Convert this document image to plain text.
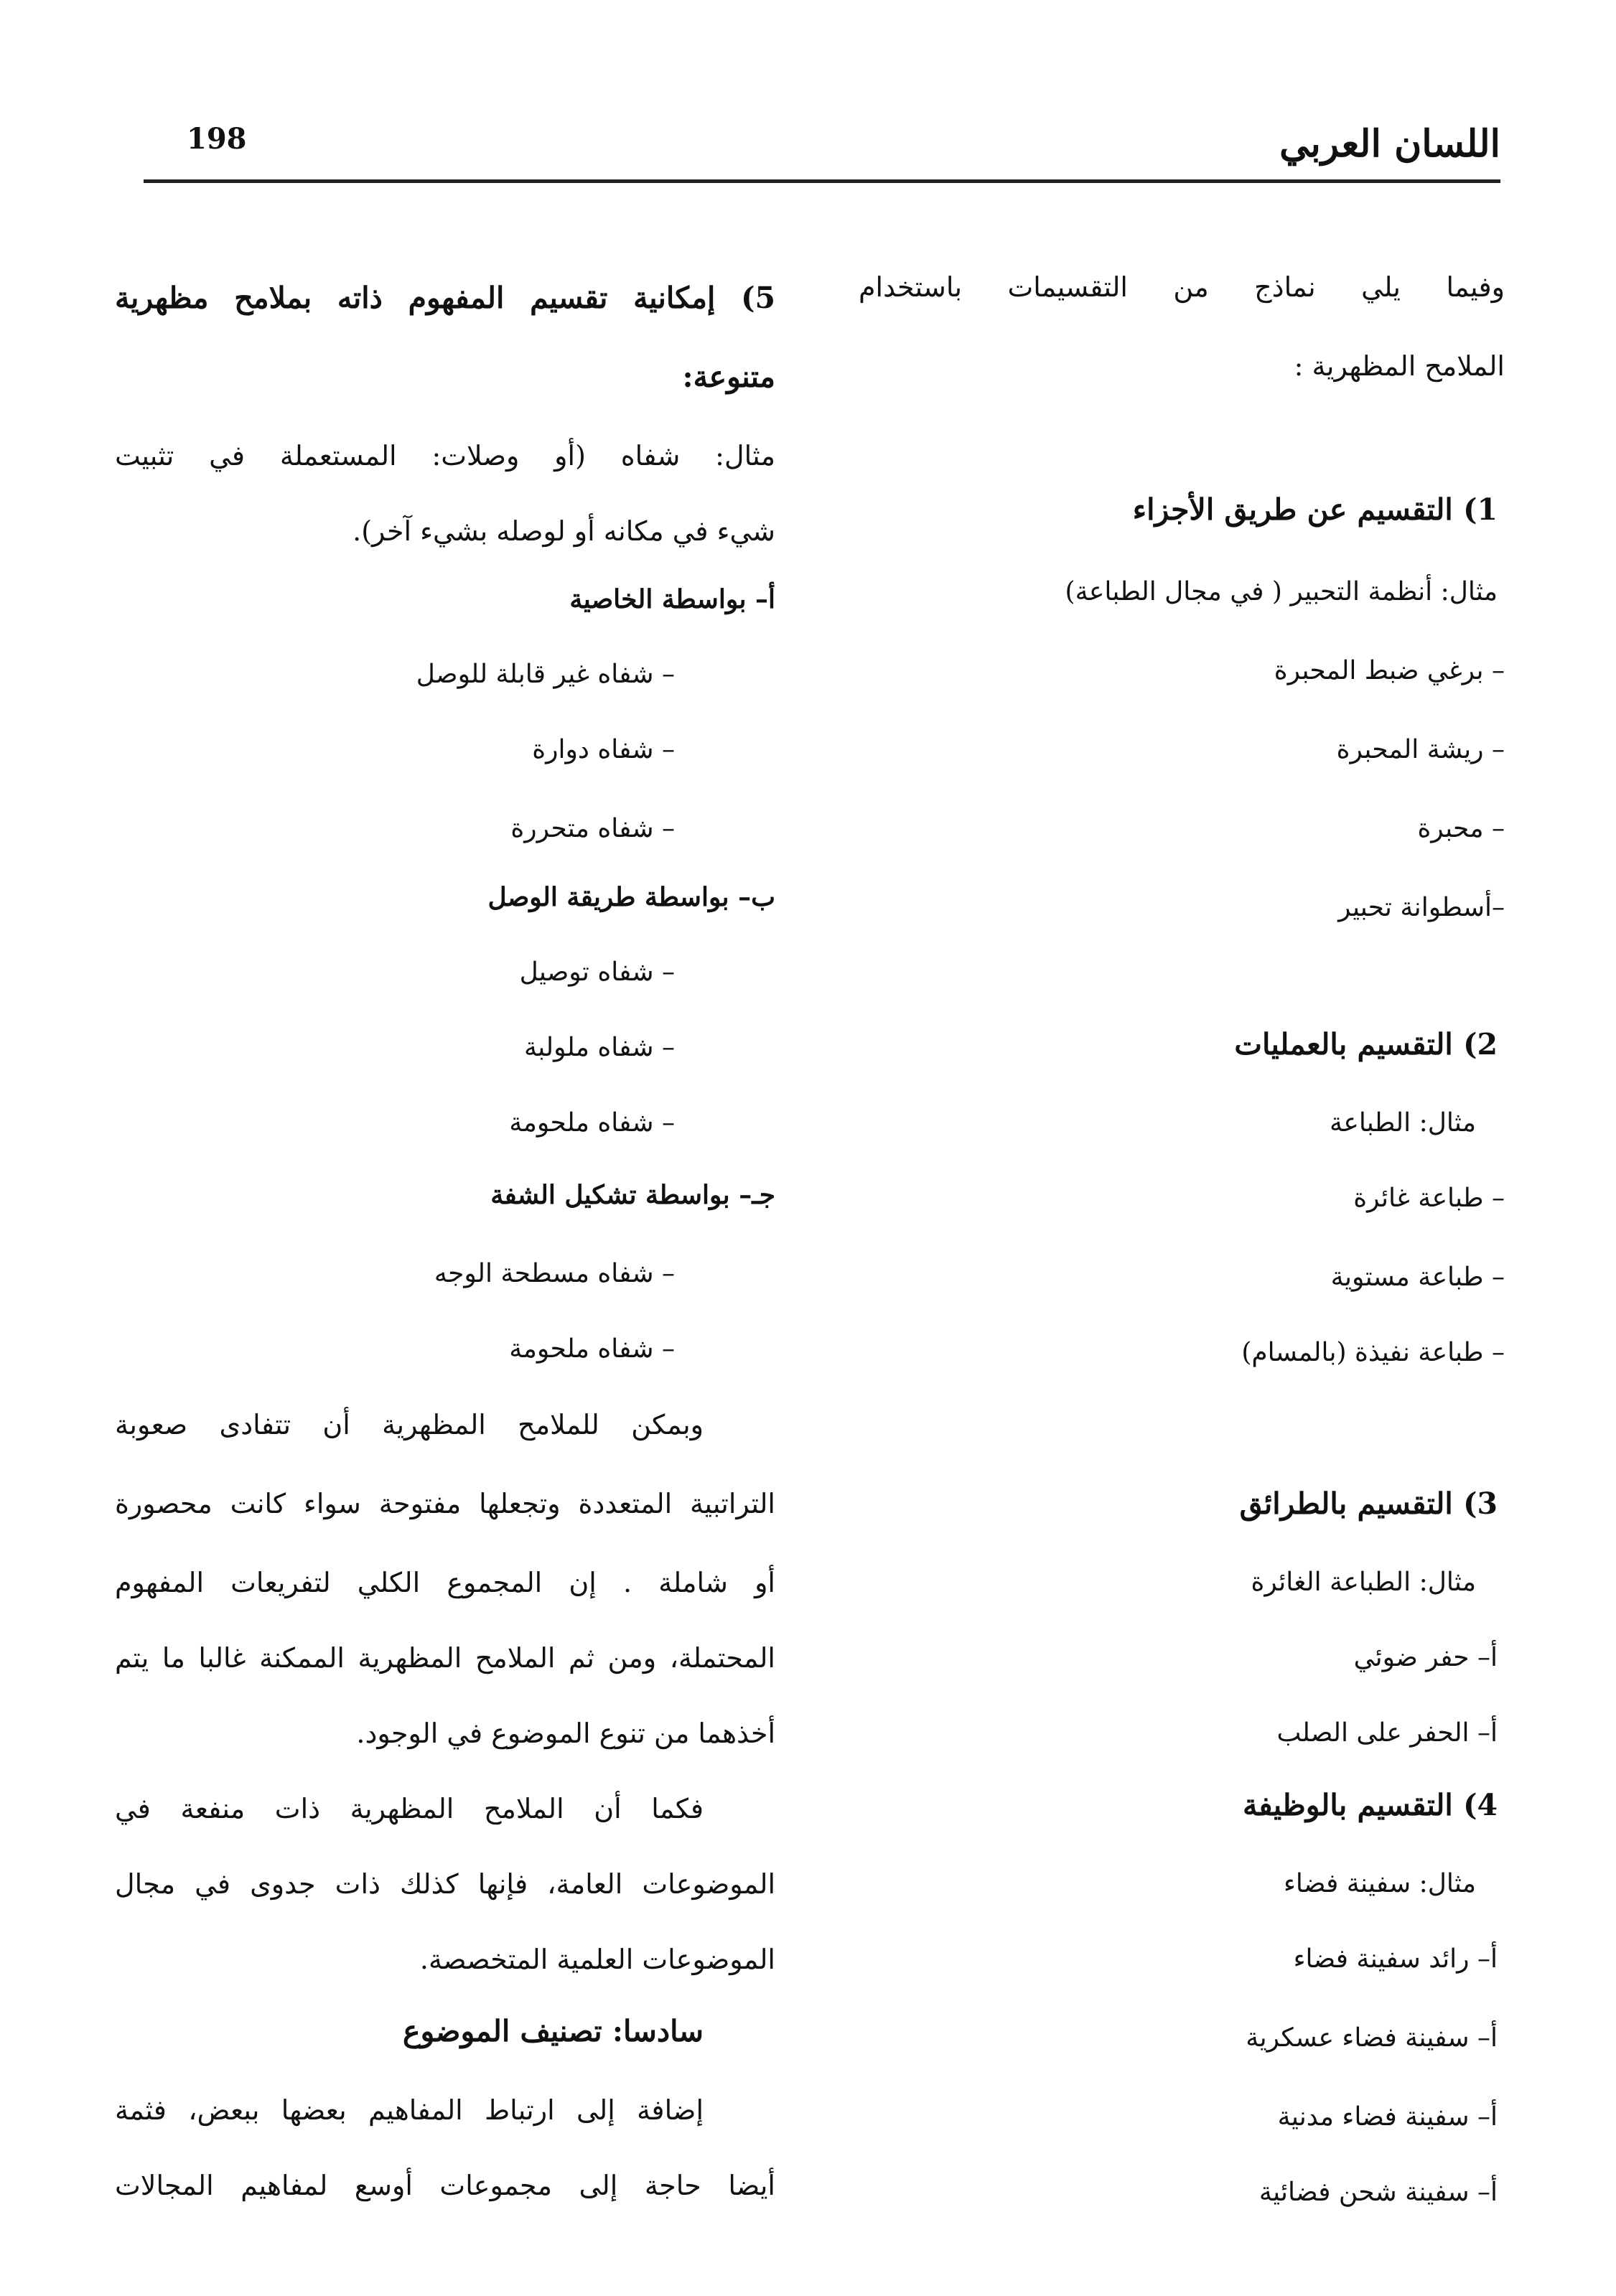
اللسان العربي
198
وفيما يلي نماذج من التقسيمات باستخدام
الملامح المظهرية :
1) التقسيم عن طريق الأجزاء
مثال: أنظمة التحبير ( في مجال الطباعة)
– برغي ضبط المحبرة
– ريشة المحبرة
– محبرة
–أسطوانة تحبير
2) التقسيم بالعمليات
مثال: الطباعة
– طباعة غائرة
– طباعة مستوية
– طباعة نفيذة (بالمسام)
3) التقسيم بالطرائق
مثال: الطباعة الغائرة
أ– حفر ضوئي
أ– الحفر على الصلب
4) التقسيم بالوظيفة
مثال: سفينة فضاء
أ– رائد سفينة فضاء
أ– سفينة فضاء عسكرية
أ– سفينة فضاء مدنية
أ– سفينة شحن فضائية
5) إمكانية تقسيم المفهوم ذاته بملامح مظهرية
متنوعة:
مثال: شفاه (أو وصلات: المستعملة في تثبيت
شيء في مكانه أو لوصله بشيء آخر).
أ– بواسطة الخاصية
– شفاه غير قابلة للوصل
– شفاه دوارة
– شفاه متحررة
ب– بواسطة طريقة الوصل
– شفاه توصيل
– شفاه ملولبة
– شفاه ملحومة
جـ– بواسطة تشكيل الشفة
– شفاه مسطحة الوجه
– شفاه ملحومة
وبمكن للملامح المظهرية أن تتفادى صعوبة
التراتبية المتعددة وتجعلها مفتوحة سواء كانت محصورة
أو شاملة . إن المجموع الكلي لتفريعات المفهوم
المحتملة، ومن ثم الملامح المظهرية الممكنة غالبا ما يتم
أخذهما من تنوع الموضوع في الوجود.
فكما أن الملامح المظهرية ذات منفعة في
الموضوعات العامة، فإنها كذلك ذات جدوى في مجال
الموضوعات العلمية المتخصصة.
سادسا: تصنيف الموضوع
إضافة إلى ارتباط المفاهيم بعضها ببعض، فثمة
أيضا حاجة إلى مجموعات أوسع لمفاهيم المجالات
